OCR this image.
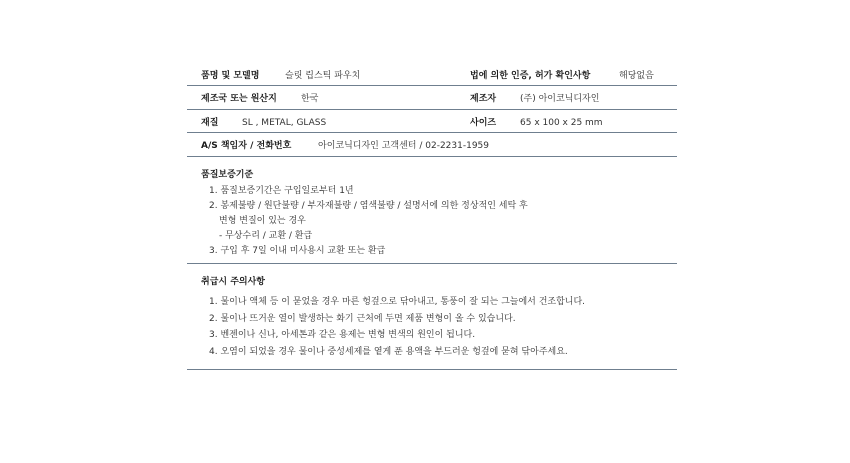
품명 및 모델명	슬릿 립스틱 파우치	법에 의한 인증, 허가 확인사항	해당없음
제조국 또는 원산지	한국	제조자	(주) 아이코닉디자인
재질	SL , METAL, GLASS	사이즈	65 x 100 x 25 mm
A/S 책임자 / 전화번호	아이코닉디자인 고객센터 / 02-2231-1959
품질보증기준
1. 품질보증기간은 구입일로부터 1년
2. 봉제불량 / 원단불량 / 부자재불량 / 염색불량 / 설명서에 의한 정상적인 세탁 후
변형 변질이 있는 경우
- 무상수리 / 교환 / 환급
3. 구입 후 7일 이내 미사용시 교환 또는 환급
취급시 주의사항
1. 물이나 액체 등 이 묻었을 경우 마른 헝겊으로 닦아내고, 통풍이 잘 되는 그늘에서 건조합니다.
2. 물이나 뜨거운 열이 발생하는 화기 근처에 두면 제품 변형이 올 수 있습니다.
3. 벤젠이나 신나, 아세톤과 같은 용제는 변형 변색의 원인이 됩니다.
4. 오염이 되었을 경우 물이나 중성세제를 옅게 푼 용액을 부드러운 헝겊에 묻혀 닦아주세요.
